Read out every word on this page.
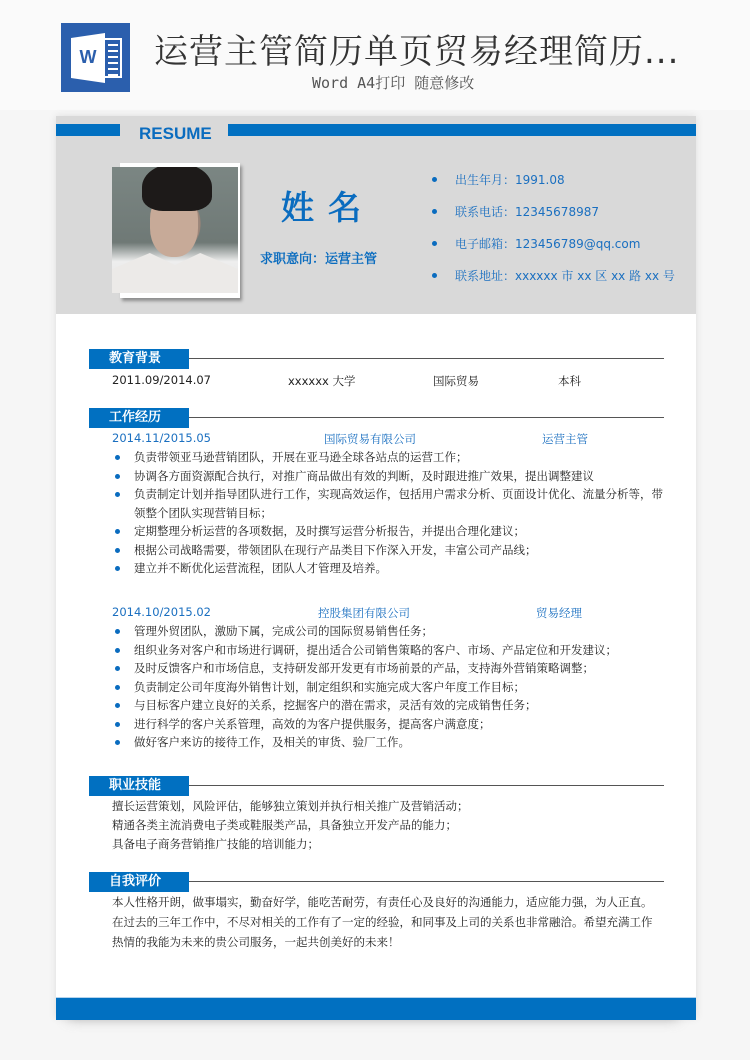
W 运营主管简历单页贸易经理简历...
Word A4打印 随意修改
RESUME
姓名
求职意向：运营主管
出生年月：1991.08
联系电话：12345678987
电子邮箱：123456789@qq.com
联系地址：xxxxxx 市 xx 区 xx 路 xx 号
教育背景
2011.09/2014.07	xxxxxx 大学	国际贸易	本科
工作经历
2014.11/2015.05	国际贸易有限公司	运营主管
负责带领亚马逊营销团队，开展在亚马逊全球各站点的运营工作；
协调各方面资源配合执行，对推广商品做出有效的判断，及时跟进推广效果，提出调整建议
负责制定计划并指导团队进行工作，实现高效运作，包括用户需求分析、页面设计优化、流量分析等，带领整个团队实现营销目标；
定期整理分析运营的各项数据，及时撰写运营分析报告，并提出合理化建议；
根据公司战略需要，带领团队在现行产品类目下作深入开发，丰富公司产品线；
建立并不断优化运营流程，团队人才管理及培养。
2014.10/2015.02	控股集团有限公司	贸易经理
管理外贸团队，激励下属，完成公司的国际贸易销售任务；
组织业务对客户和市场进行调研，提出适合公司销售策略的客户、市场、产品定位和开发建议；
及时反馈客户和市场信息，支持研发部开发更有市场前景的产品，支持海外营销策略调整；
负责制定公司年度海外销售计划，制定组织和实施完成大客户年度工作目标；
与目标客户建立良好的关系，挖掘客户的潜在需求，灵活有效的完成销售任务；
进行科学的客户关系管理，高效的为客户提供服务，提高客户满意度；
做好客户来访的接待工作，及相关的审货、验厂工作。
职业技能
擅长运营策划，风险评估，能够独立策划并执行相关推广及营销活动；
精通各类主流消费电子类或鞋服类产品，具备独立开发产品的能力；
具备电子商务营销推广技能的培训能力；
自我评价
本人性格开朗，做事塌实，勤奋好学，能吃苦耐劳，有责任心及良好的沟通能力，适应能力强，为人正直。在过去的三年工作中，不尽对相关的工作有了一定的经验，和同事及上司的关系也非常融洽。希望充满工作热情的我能为未来的贵公司服务，一起共创美好的未来！
